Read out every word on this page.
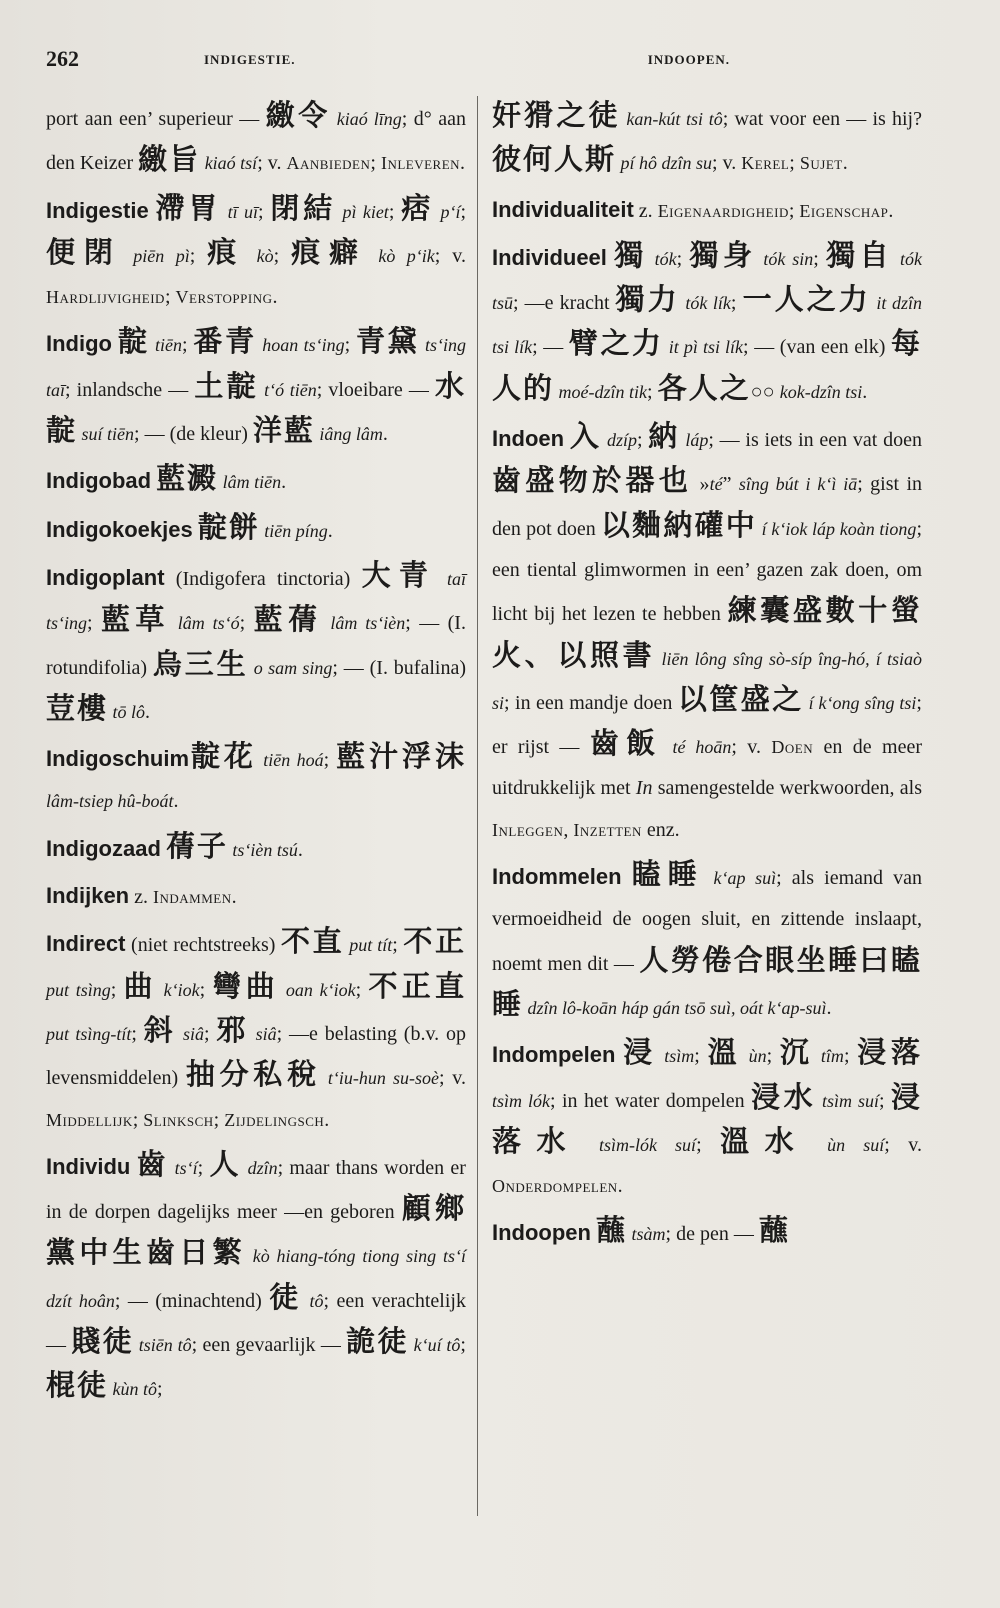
262	INDIGESTIE.	INDOOPEN.

port aan een’ superieur — 繳令 kiaó līng; d° aan den Keizer 繳旨 kiaó tsí; v. Aanbieden; Inleveren.

Indigestie 滯胃 tī uī; 閉結 pì kiet; 痞 p‘í; 便閉 piēn pì; 痕 kò; 痕癖 kò p‘ik; v. Hardlijvigheid; Verstopping.

Indigo 靛 tiēn; 番青 hoan ts‘ing; 青黛 ts‘ing taī; inlandsche — 土靛 t‘ó tiēn; vloeibare — 水靛 suí tiēn; — (de kleur) 洋藍 iâng lâm.

Indigobad 藍澱 lâm tiēn.

Indigokoekjes 靛餅 tiēn píng.

Indigoplant (Indigofera tinctoria) 大青 taī ts‘ing; 藍草 lâm ts‘ó; 藍蒨 lâm ts‘ièn; — (I. rotundifolia) 烏三生 o sam sing; — (I. bufalina) 荳樓 tō lô.

Indigoschuim靛花 tiēn hoá; 藍汁浮沫 lâm-tsiep hû-boát.

Indigozaad 蒨子 ts‘ièn tsú.

Indijken z. Indammen.

Indirect (niet rechtstreeks) 不直 put tít; 不正 put tsìng; 曲 k‘iok; 彎曲 oan k‘iok; 不正直 put tsìng-tít; 斜 siâ; 邪 siâ; —e belasting (b.v. op levensmiddelen) 抽分私稅 t‘iu-hun su-soè; v. Middellijk; Slinksch; Zijdelingsch.

Individu 齒 ts‘í; 人 dzîn; maar thans worden er in de dorpen dagelijks meer —en geboren 顧鄉黨中生齒日繁 kò hiang-tóng tiong sing ts‘í dzít hoân; — (minachtend) 徒 tô; een verachtelijk — 賤徒 tsiēn tô; een gevaarlijk — 詭徒 k‘uí tô; 棍徒 kùn tô;

奸猾之徒 kan-kút tsi tô; wat voor een — is hij? 彼何人斯 pí hô dzîn su; v. Kerel; Sujet.

Individualiteit z. Eigenaardigheid; Eigenschap.

Individueel 獨 tók; 獨身 tók sin; 獨自 tók tsū; —e kracht 獨力 tók lík; 一人之力 it dzîn tsi lík; — 臂之力 it pì tsi lík; — (van een elk) 每人的 moé-dzîn tik; 各人之○○ kok-dzîn tsi.

Indoen 入 dzíp; 納 láp; — is iets in een vat doen 齒盛物於器也 »té” sîng bút i k‘ì iā; gist in den pot doen 以麯納礶中 í k‘iok láp koàn tiong; een tiental glimwormen in een’ gazen zak doen, om licht bij het lezen te hebben 練囊盛數十螢火、以照書 liēn lông sîng sò-síp îng-hó, í tsiaò si; in een mandje doen 以筐盛之 í k‘ong sîng tsi; er rijst — 齒飯 té hoān; v. Doen en de meer uitdrukkelijk met In samengestelde werkwoorden, als Inleggen, Inzetten enz.

Indommelen 瞌睡 k‘ap suì; als iemand van vermoeidheid de oogen sluit, en zittende inslaapt, noemt men dit — 人勞倦合眼坐睡曰瞌睡 dzîn lô-koān háp gán tsō suì, oát k‘ap-suì.

Indompelen 浸 tsìm; 溫 ùn; 沉 tîm; 浸落 tsìm lók; in het water dompelen 浸水 tsìm suí; 浸落水 tsìm-lók suí; 溫水 ùn suí; v. Onderdompelen.

Indoopen 蘸 tsàm; de pen — 蘸
